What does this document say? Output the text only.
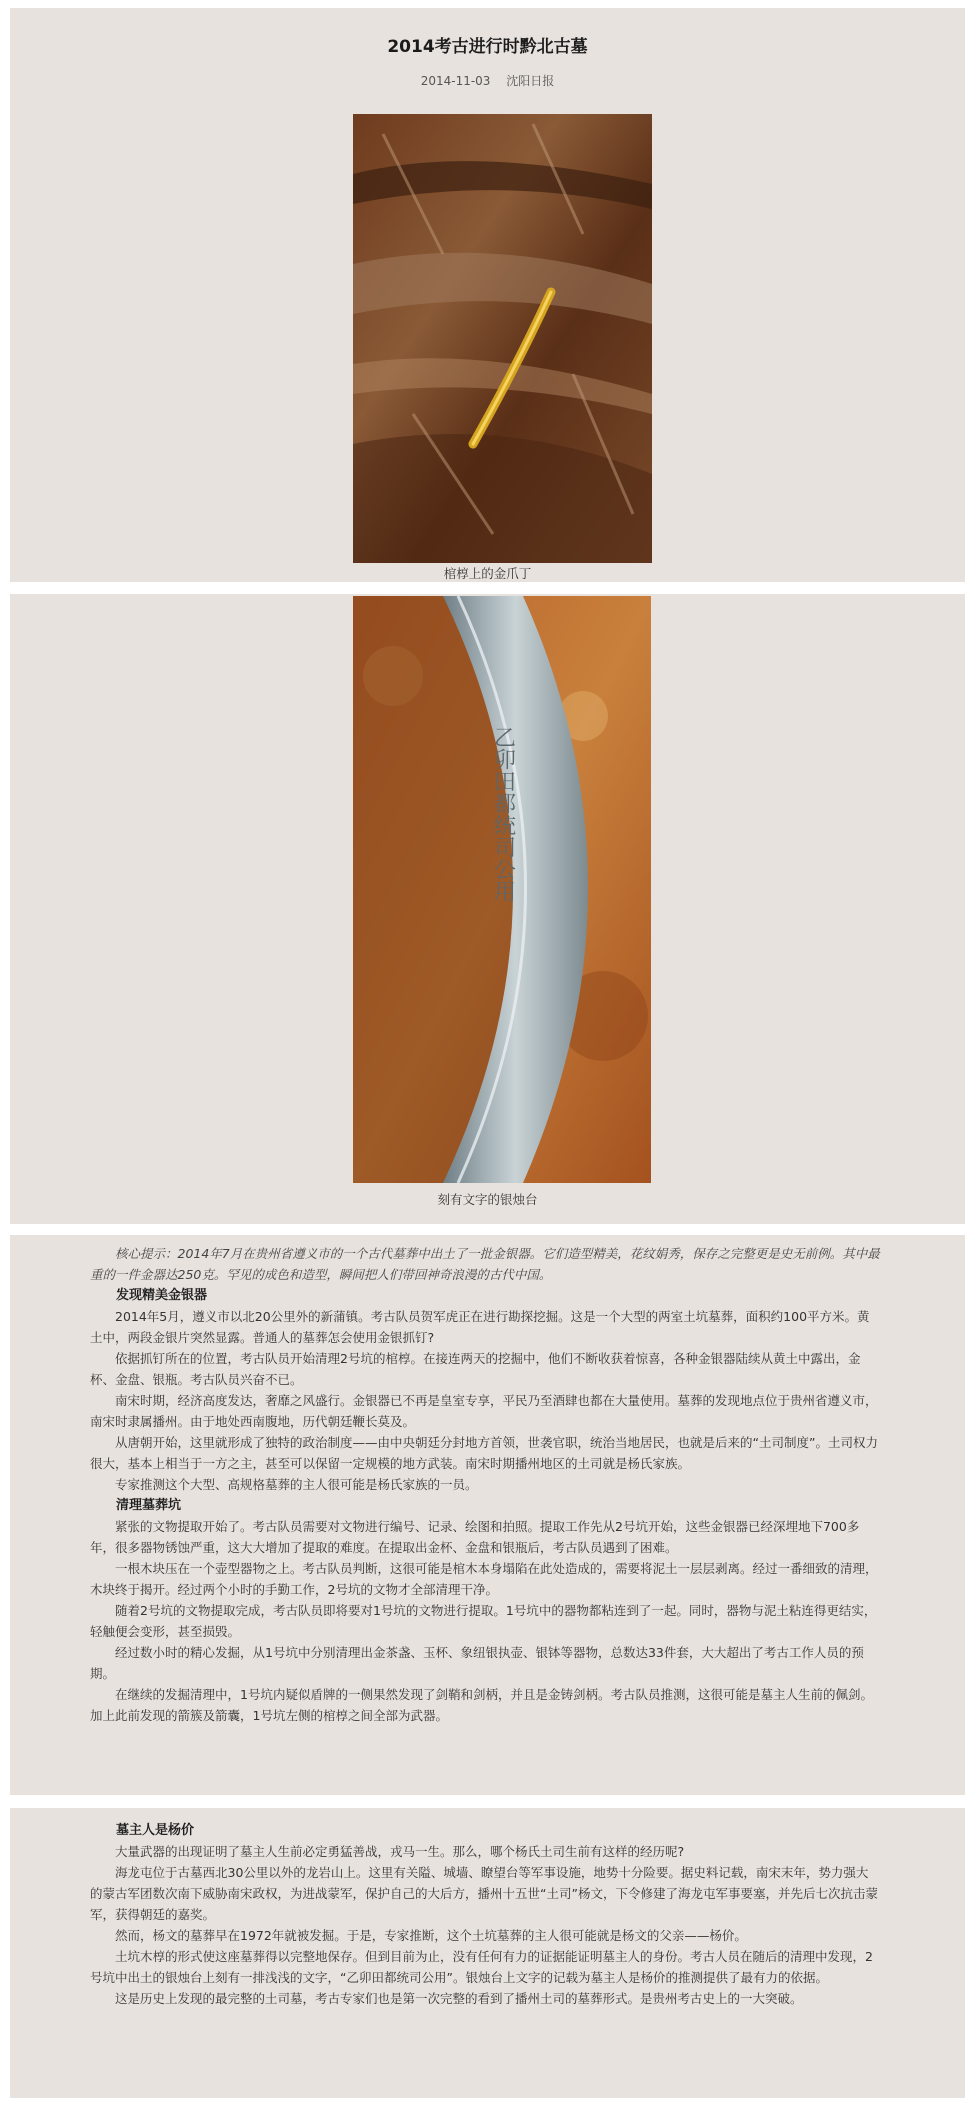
2014考古进行时黔北古墓
2014-11-03 沈阳日报
棺椁上的金爪丁
乙卯田都统司公用
刻有文字的银烛台

核心提示：2014年7月在贵州省遵义市的一个古代墓葬中出土了一批金银器。它们造型精美，花纹娟秀，保存之完整更是史无前例。其中最重的一件金器达250克。罕见的成色和造型，瞬间把人们带回神奇浪漫的古代中国。

发现精美金银器

2014年5月，遵义市以北20公里外的新蒲镇。考古队员贺军虎正在进行勘探挖掘。这是一个大型的两室土坑墓葬，面积约100平方米。黄土中，两段金银片突然显露。普通人的墓葬怎会使用金银抓钉?

依据抓钉所在的位置，考古队员开始清理2号坑的棺椁。在接连两天的挖掘中，他们不断收获着惊喜，各种金银器陆续从黄土中露出，金杯、金盘、银瓶。考古队员兴奋不已。

南宋时期，经济高度发达，奢靡之风盛行。金银器已不再是皇室专享，平民乃至酒肆也都在大量使用。墓葬的发现地点位于贵州省遵义市，南宋时隶属播州。由于地处西南腹地，历代朝廷鞭长莫及。

从唐朝开始，这里就形成了独特的政治制度——由中央朝廷分封地方首领，世袭官职，统治当地居民，也就是后来的“土司制度”。土司权力很大，基本上相当于一方之主，甚至可以保留一定规模的地方武装。南宋时期播州地区的土司就是杨氏家族。

专家推测这个大型、高规格墓葬的主人很可能是杨氏家族的一员。

清理墓葬坑

紧张的文物提取开始了。考古队员需要对文物进行编号、记录、绘图和拍照。提取工作先从2号坑开始，这些金银器已经深埋地下700多年，很多器物锈蚀严重，这大大增加了提取的难度。在提取出金杯、金盘和银瓶后，考古队员遇到了困难。

一根木块压在一个壶型器物之上。考古队员判断，这很可能是棺木本身塌陷在此处造成的，需要将泥土一层层剥离。经过一番细致的清理，木块终于揭开。经过两个小时的手勤工作，2号坑的文物才全部清理干净。

随着2号坑的文物提取完成，考古队员即将要对1号坑的文物进行提取。1号坑中的器物都粘连到了一起。同时，器物与泥土粘连得更结实，轻触便会变形，甚至损毁。

经过数小时的精心发掘，从1号坑中分别清理出金茶盏、玉杯、象纽银执壶、银钵等器物，总数达33件套，大大超出了考古工作人员的预期。

在继续的发掘清理中，1号坑内疑似盾牌的一侧果然发现了剑鞘和剑柄，并且是金铸剑柄。考古队员推测，这很可能是墓主人生前的佩剑。加上此前发现的箭簇及箭囊，1号坑左侧的棺椁之间全部为武器。

墓主人是杨价

大量武器的出现证明了墓主人生前必定勇猛善战，戎马一生。那么，哪个杨氏土司生前有这样的经历呢?

海龙屯位于古墓西北30公里以外的龙岩山上。这里有关隘、城墙、瞭望台等军事设施，地势十分险要。据史料记载，南宋末年，势力强大的蒙古军团数次南下威胁南宋政权，为进战蒙军，保护自己的大后方，播州十五世“土司”杨文，下令修建了海龙屯军事要塞，并先后七次抗击蒙军，获得朝廷的嘉奖。

然而，杨文的墓葬早在1972年就被发掘。于是，专家推断，这个土坑墓葬的主人很可能就是杨文的父亲——杨价。

土坑木椁的形式使这座墓葬得以完整地保存。但到目前为止，没有任何有力的证据能证明墓主人的身份。考古人员在随后的清理中发现，2号坑中出土的银烛台上刻有一排浅浅的文字，“乙卯田都统司公用”。银烛台上文字的记载为墓主人是杨价的推测提供了最有力的依据。

这是历史上发现的最完整的土司墓，考古专家们也是第一次完整的看到了播州土司的墓葬形式。是贵州考古史上的一大突破。
